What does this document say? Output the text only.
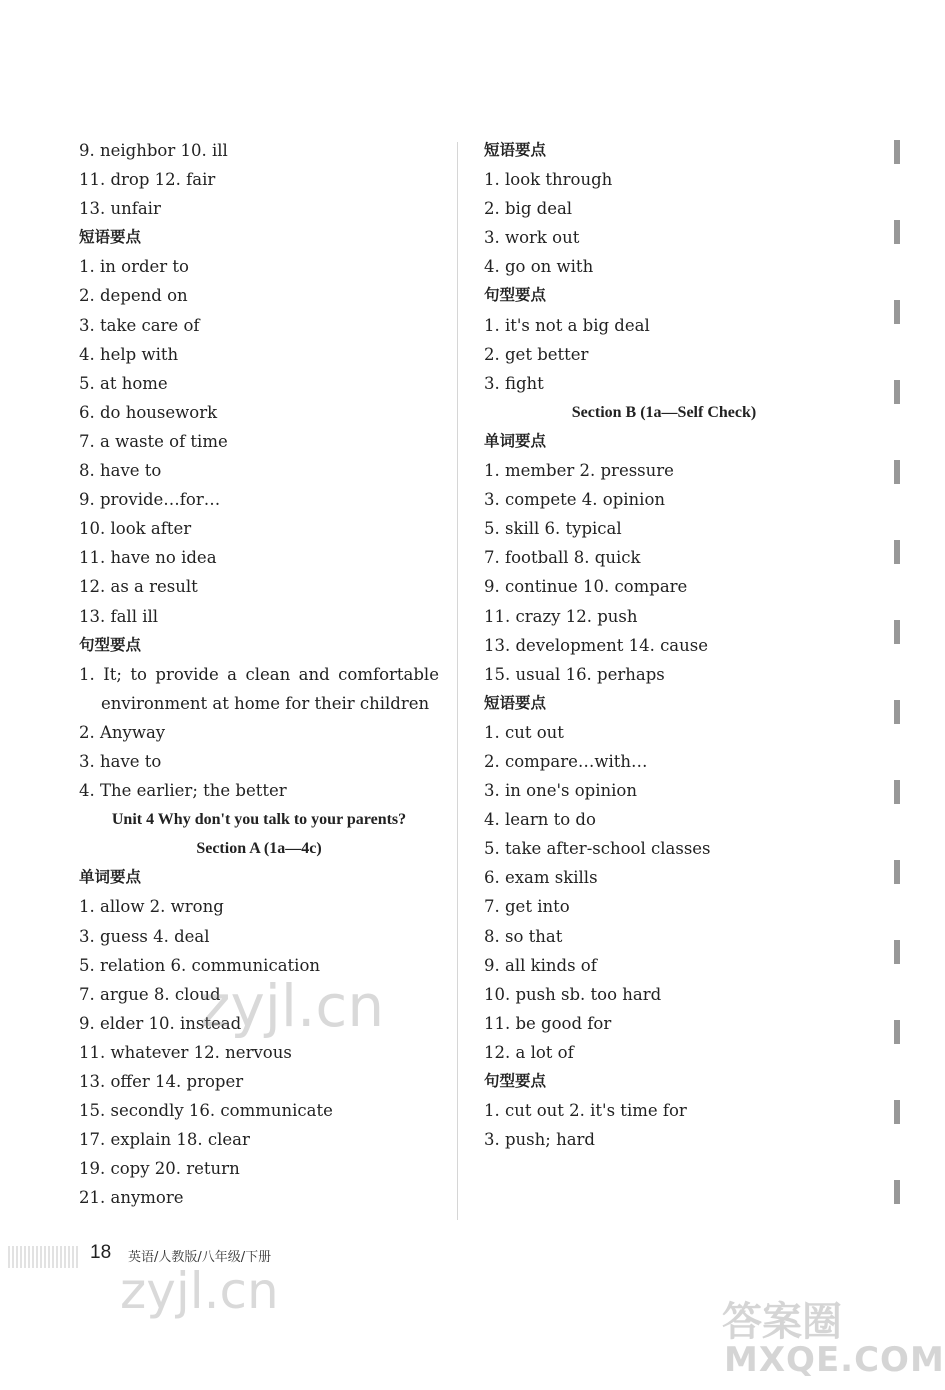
9. neighbor 10. ill
11. drop 12. fair
13. unfair
短语要点
1. in order to
2. depend on
3. take care of
4. help with
5. at home
6. do housework
7. a waste of time
8. have to
9. provide…for…
10. look after
11. have no idea
12. as a result
13. fall ill
句型要点
1. It; to provide a clean and comfortable
environment at home for their children
2. Anyway
3. have to
4. The earlier; the better
Unit 4 Why don't you talk to your parents?
Section A (1a—4c)
单词要点
1. allow 2. wrong
3. guess 4. deal
5. relation 6. communication
7. argue 8. cloud
9. elder 10. instead
11. whatever 12. nervous
13. offer 14. proper
15. secondly 16. communicate
17. explain 18. clear
19. copy 20. return
21. anymore
短语要点
1. look through
2. big deal
3. work out
4. go on with
句型要点
1. it's not a big deal
2. get better
3. fight
Section B (1a—Self Check)
单词要点
1. member 2. pressure
3. compete 4. opinion
5. skill 6. typical
7. football 8. quick
9. continue 10. compare
11. crazy 12. push
13. development 14. cause
15. usual 16. perhaps
短语要点
1. cut out
2. compare…with…
3. in one's opinion
4. learn to do
5. take after-school classes
6. exam skills
7. get into
8. so that
9. all kinds of
10. push sb. too hard
11. be good for
12. a lot of
句型要点
1. cut out 2. it's time for
3. push; hard
18 英语/人教版/八年级/下册
zyjl.cn
zyjl.cn
答案圈
MXQE.COM
